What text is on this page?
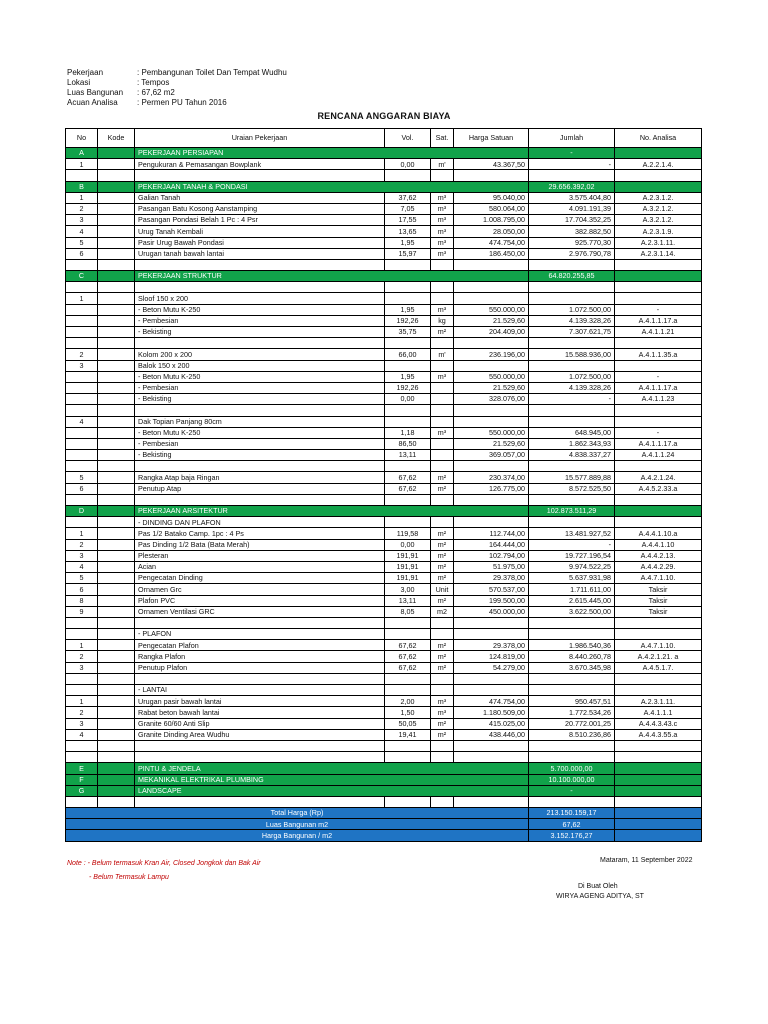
Pekerjaan	: Pembangunan Toilet Dan Tempat Wudhu
Lokasi	: Tempos
Luas Bangunan	: 67,62 m2
Acuan Analisa	: Permen PU Tahun 2016
RENCANA ANGGARAN BIAYA
No	Kode	Uraian Pekerjaan	Vol.	Sat.	Harga Satuan	Jumlah	No. Analisa
A		PEKERJAAN PERSIAPAN				-	
1		Pengukuran & Pemasangan Bowplank	0,00	m'	43.367,50	-	A.2.2.1.4.

B		PEKERJAAN TANAH & PONDASI				29.656.392,02	
1		Galian Tanah	37,62	m³	95.040,00	3.575.404,80	A.2.3.1.2.
2		Pasangan Batu Kosong Aanstamping	7,05	m³	580.064,00	4.091.191,39	A.3.2.1.2.
3		Pasangan Pondasi Belah 1 Pc : 4 Psr	17,55	m³	1.008.795,00	17.704.352,25	A.3.2.1.2.
4		Urug Tanah Kembali	13,65	m³	28.050,00	382.882,50	A.2.3.1.9.
5		Pasir Urug Bawah Pondasi	1,95	m³	474.754,00	925.770,30	A.2.3.1.11.
6		Urugan tanah bawah lantai	15,97	m³	186.450,00	2.976.790,78	A.2.3.1.14.

C		PEKERJAAN STRUKTUR				64.820.255,85	

1		Sloof 150 x 200					
		- Beton Mutu K-250	1,95	m³	550.000,00	1.072.500,00	-
		- Pembesian	192,26	kg	21.529,60	4.139.328,26	A.4.1.1.17.a
		- Bekisting	35,75	m²	204.409,00	7.307.621,75	A.4.1.1.21

2		Kolom 200 x 200	66,00	m'	236.196,00	15.588.936,00	A.4.1.1.35.a
3		Balok 150 x 200					
		- Beton Mutu K-250	1,95	m³	550.000,00	1.072.500,00	-
		- Pembesian	192,26		21.529,60	4.139.328,26	A.4.1.1.17.a
		- Bekisting	0,00		328.076,00	-	A.4.1.1.23

4		Dak Topian Panjang 80cm					
		- Beton Mutu K-250	1,18	m³	550.000,00	648.945,00	-
		- Pembesian	86,50		21.529,60	1.862.343,93	A.4.1.1.17.a
		- Bekisting	13,11		369.057,00	4.838.337,27	A.4.1.1.24

5		Rangka Atap baja Ringan	67,62	m²	230.374,00	15.577.889,88	A.4.2.1.24.
6		Penutup Atap	67,62	m²	126.775,00	8.572.525,50	A.4.5.2.33.a

D		PEKERJAAN ARSITEKTUR				102.873.511,29	
		- DINDING DAN PLAFON					
1		Pas 1/2 Batako Camp. 1pc : 4 Ps	119,58	m²	112.744,00	13.481.927,52	A.4.4.1.10.a
2		Pas Dinding 1/2 Bata (Bata Merah)	0,00	m²	164.444,00	-	A.4.4.1.10
3		Plesteran	191,91	m²	102.794,00	19.727.196,54	A.4.4.2.13.
4		Acian	191,91	m²	51.975,00	9.974.522,25	A.4.4.2.29.
5		Pengecatan Dinding	191,91	m²	29.378,00	5.637.931,98	A.4.7.1.10.
6		Ornamen Grc	3,00	Unit	570.537,00	1.711.611,00	Taksir
8		Plafon PVC	13,11	m²	199.500,00	2.615.445,00	Taksir
9		Ornamen Ventilasi GRC	8,05	m2	450.000,00	3.622.500,00	Taksir

		- PLAFON					
1		Pengecatan Plafon	67,62	m²	29.378,00	1.986.540,36	A.4.7.1.10.
2		Rangka Plafon	67,62	m²	124.819,00	8.440.260,78	A.4.2.1.21. a
3		Penutup Plafon	67,62	m²	54.279,00	3.670.345,98	A.4.5.1.7.

		- LANTAI					
1		Urugan pasir bawah lantai	2,00	m³	474.754,00	950.457,51	A.2.3.1.11.
2		Rabat beton bawah lantai	1,50	m³	1.180.509,00	1.772.534,26	A.4.1.1.1
3		Granite 60/60 Anti Slip	50,05	m²	415.025,00	20.772.001,25	A.4.4.3.43.c
4		Granite Dinding Area Wudhu	19,41	m²	438.446,00	8.510.236,86	A.4.4.3.55.a

E		PINTU & JENDELA				5.700.000,00	
F		MEKANIKAL ELEKTRIKAL PLUMBING				10.100.000,00	
G		LANDSCAPE				-	

Total Harga (Rp)						213.150.159,17	
Luas Bangunan m2						67,62	
Harga Bangunan / m2						3.152.176,27	
Note : - Belum termasuk Kran Air, Closed Jongkok dan Bak Air
- Belum Termasuk Lampu
Mataram, 11 September 2022
Di Buat Oleh
WIRYA AGENG ADITYA, ST
